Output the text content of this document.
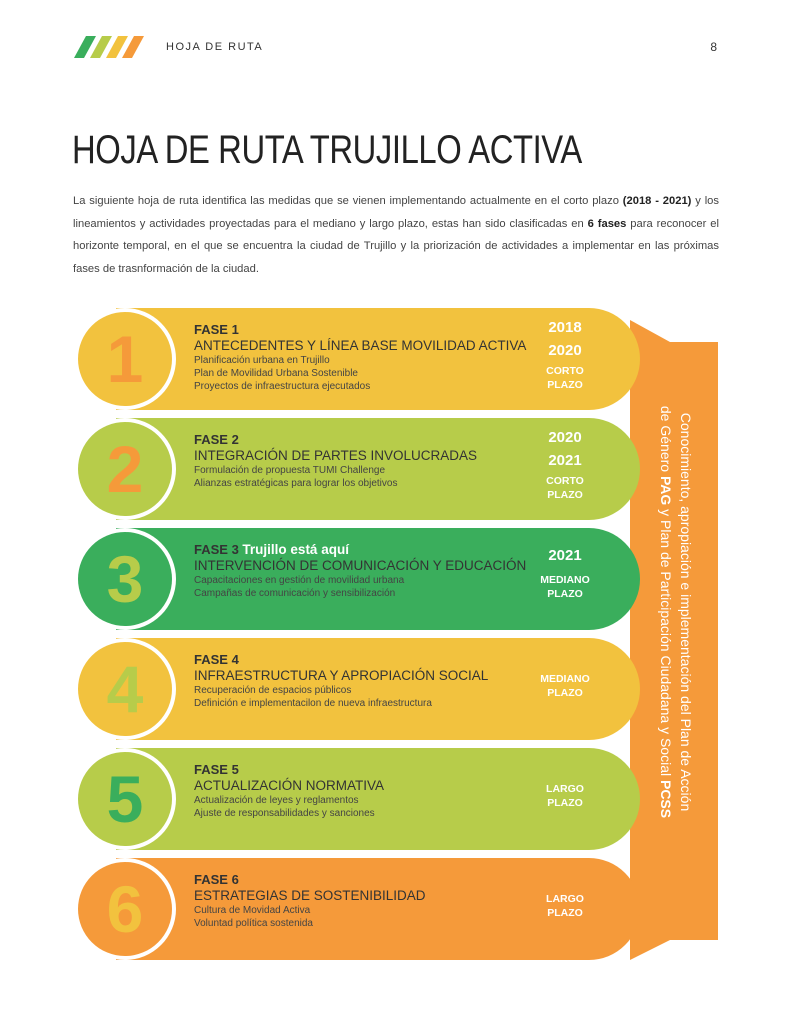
HOJA DE RUTA	8
HOJA DE RUTA TRUJILLO ACTIVA
La siguiente hoja de ruta identifica las medidas que se vienen implementando actualmente en el corto plazo (2018 - 2021) y los lineamientos y actividades proyectadas para el mediano y largo plazo, estas han sido clasificadas en 6 fases para reconocer el horizonte temporal, en el que se encuentra la ciudad de Trujillo y la priorización de actividades a implementar en las próximas fases de trasnformación de la ciudad.
Conocimiento, apropiación e implementación del Plan de Acción
de Género PAG y Plan de Participación Ciudadana y Social PCSS
1	FASE 1
ANTECEDENTES Y LÍNEA BASE MOVILIDAD ACTIVA
Planificación urbana en Trujillo
Plan de Movilidad Urbana Sostenible
Proyectos de infraestructura ejecutados
2018
2020
CORTO
PLAZO
2	FASE 2
INTEGRACIÓN DE PARTES INVOLUCRADAS
Formulación de propuesta TUMI Challenge
Alianzas estratégicas para lograr los objetivos
2020
2021
CORTO
PLAZO
3	FASE 3 Trujillo está aquí
INTERVENCIÓN DE COMUNICACIÓN Y EDUCACIÓN
Capacitaciones en gestión de movilidad urbana
Campañas de comunicación y sensibilización
2021
MEDIANO
PLAZO
4	FASE 4
INFRAESTRUCTURA Y APROPIACIÓN SOCIAL
Recuperación de espacios públicos
Definición e implementacilon de nueva infraestructura
MEDIANO
PLAZO
5	FASE 5
ACTUALIZACIÓN NORMATIVA
Actualización de leyes y reglamentos
Ajuste de responsabilidades y sanciones
LARGO
PLAZO
6	FASE 6
ESTRATEGIAS DE SOSTENIBILIDAD
Cultura de Movidad Activa
Voluntad política sostenida
LARGO
PLAZO
